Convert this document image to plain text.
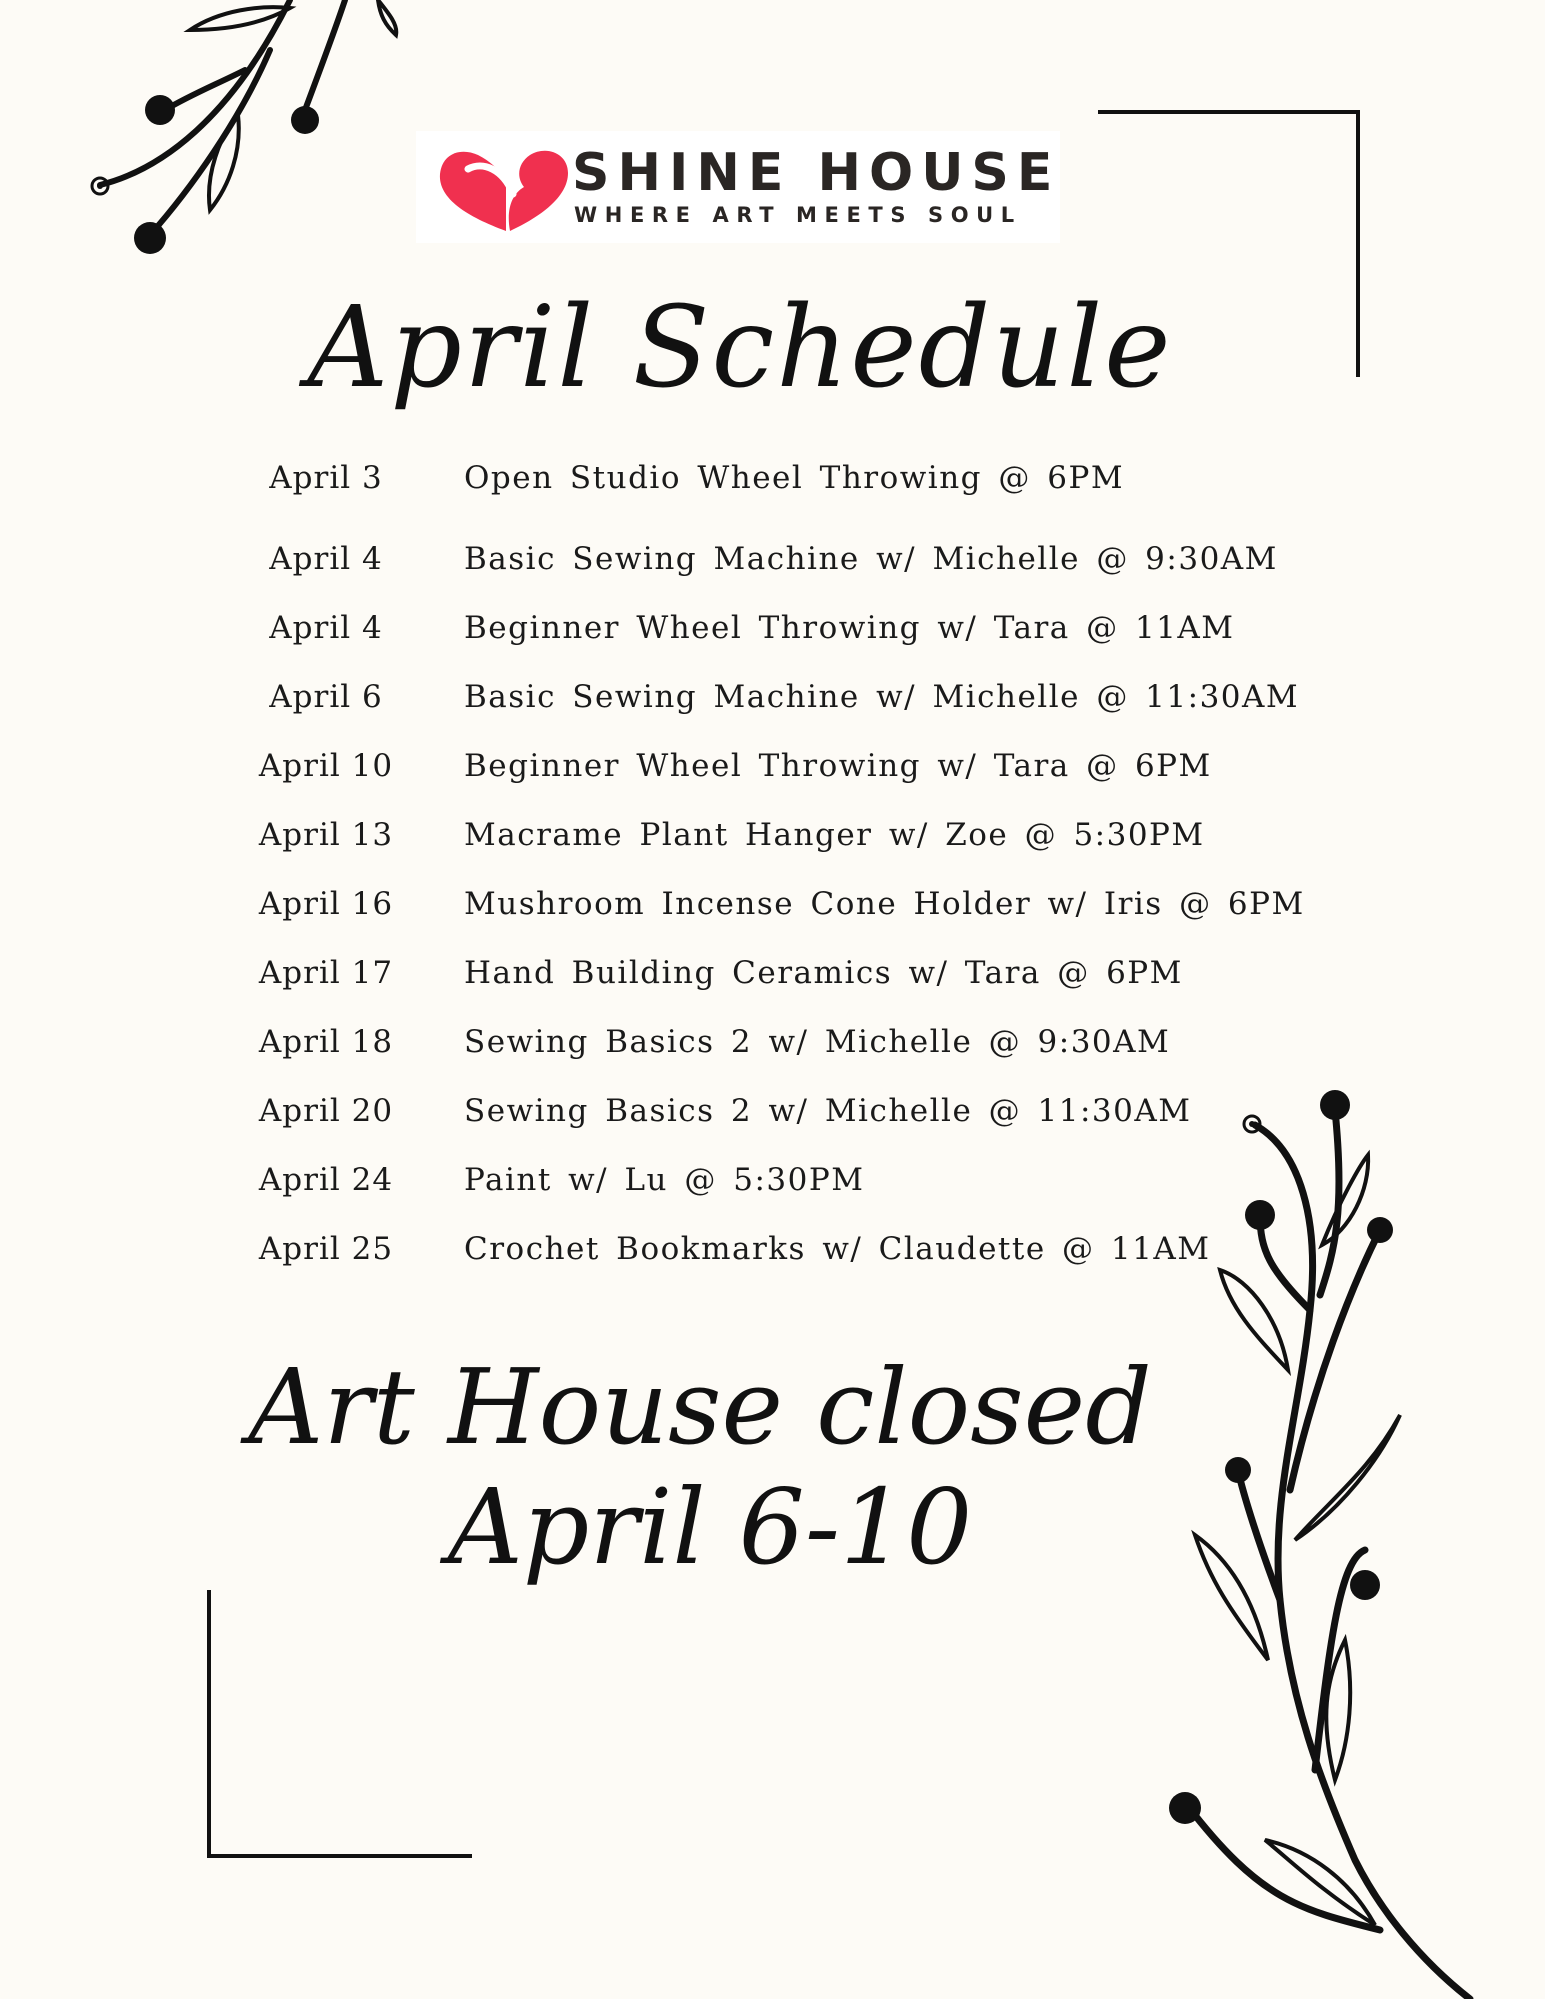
SHINE HOUSE
WHERE ART MEETS SOUL
April Schedule
April 3	Open Studio Wheel Throwing @ 6PM
April 4	Basic Sewing Machine w/ Michelle @ 9:30AM
April 4	Beginner Wheel Throwing w/ Tara @ 11AM
April 6	Basic Sewing Machine w/ Michelle @ 11:30AM
April 10 Beginner Wheel Throwing w/ Tara @ 6PM
April 13 Macrame Plant Hanger w/ Zoe @ 5:30PM
April 16 Mushroom Incense Cone Holder w/ Iris @ 6PM
April 17 Hand Building Ceramics w/ Tara @ 6PM
April 18 Sewing Basics 2 w/ Michelle @ 9:30AM
April 20 Sewing Basics 2 w/ Michelle @ 11:30AM
April 24 Paint w/ Lu @ 5:30PM
April 25 Crochet Bookmarks w/ Claudette @ 11AM
Art House closed
April 6-10
